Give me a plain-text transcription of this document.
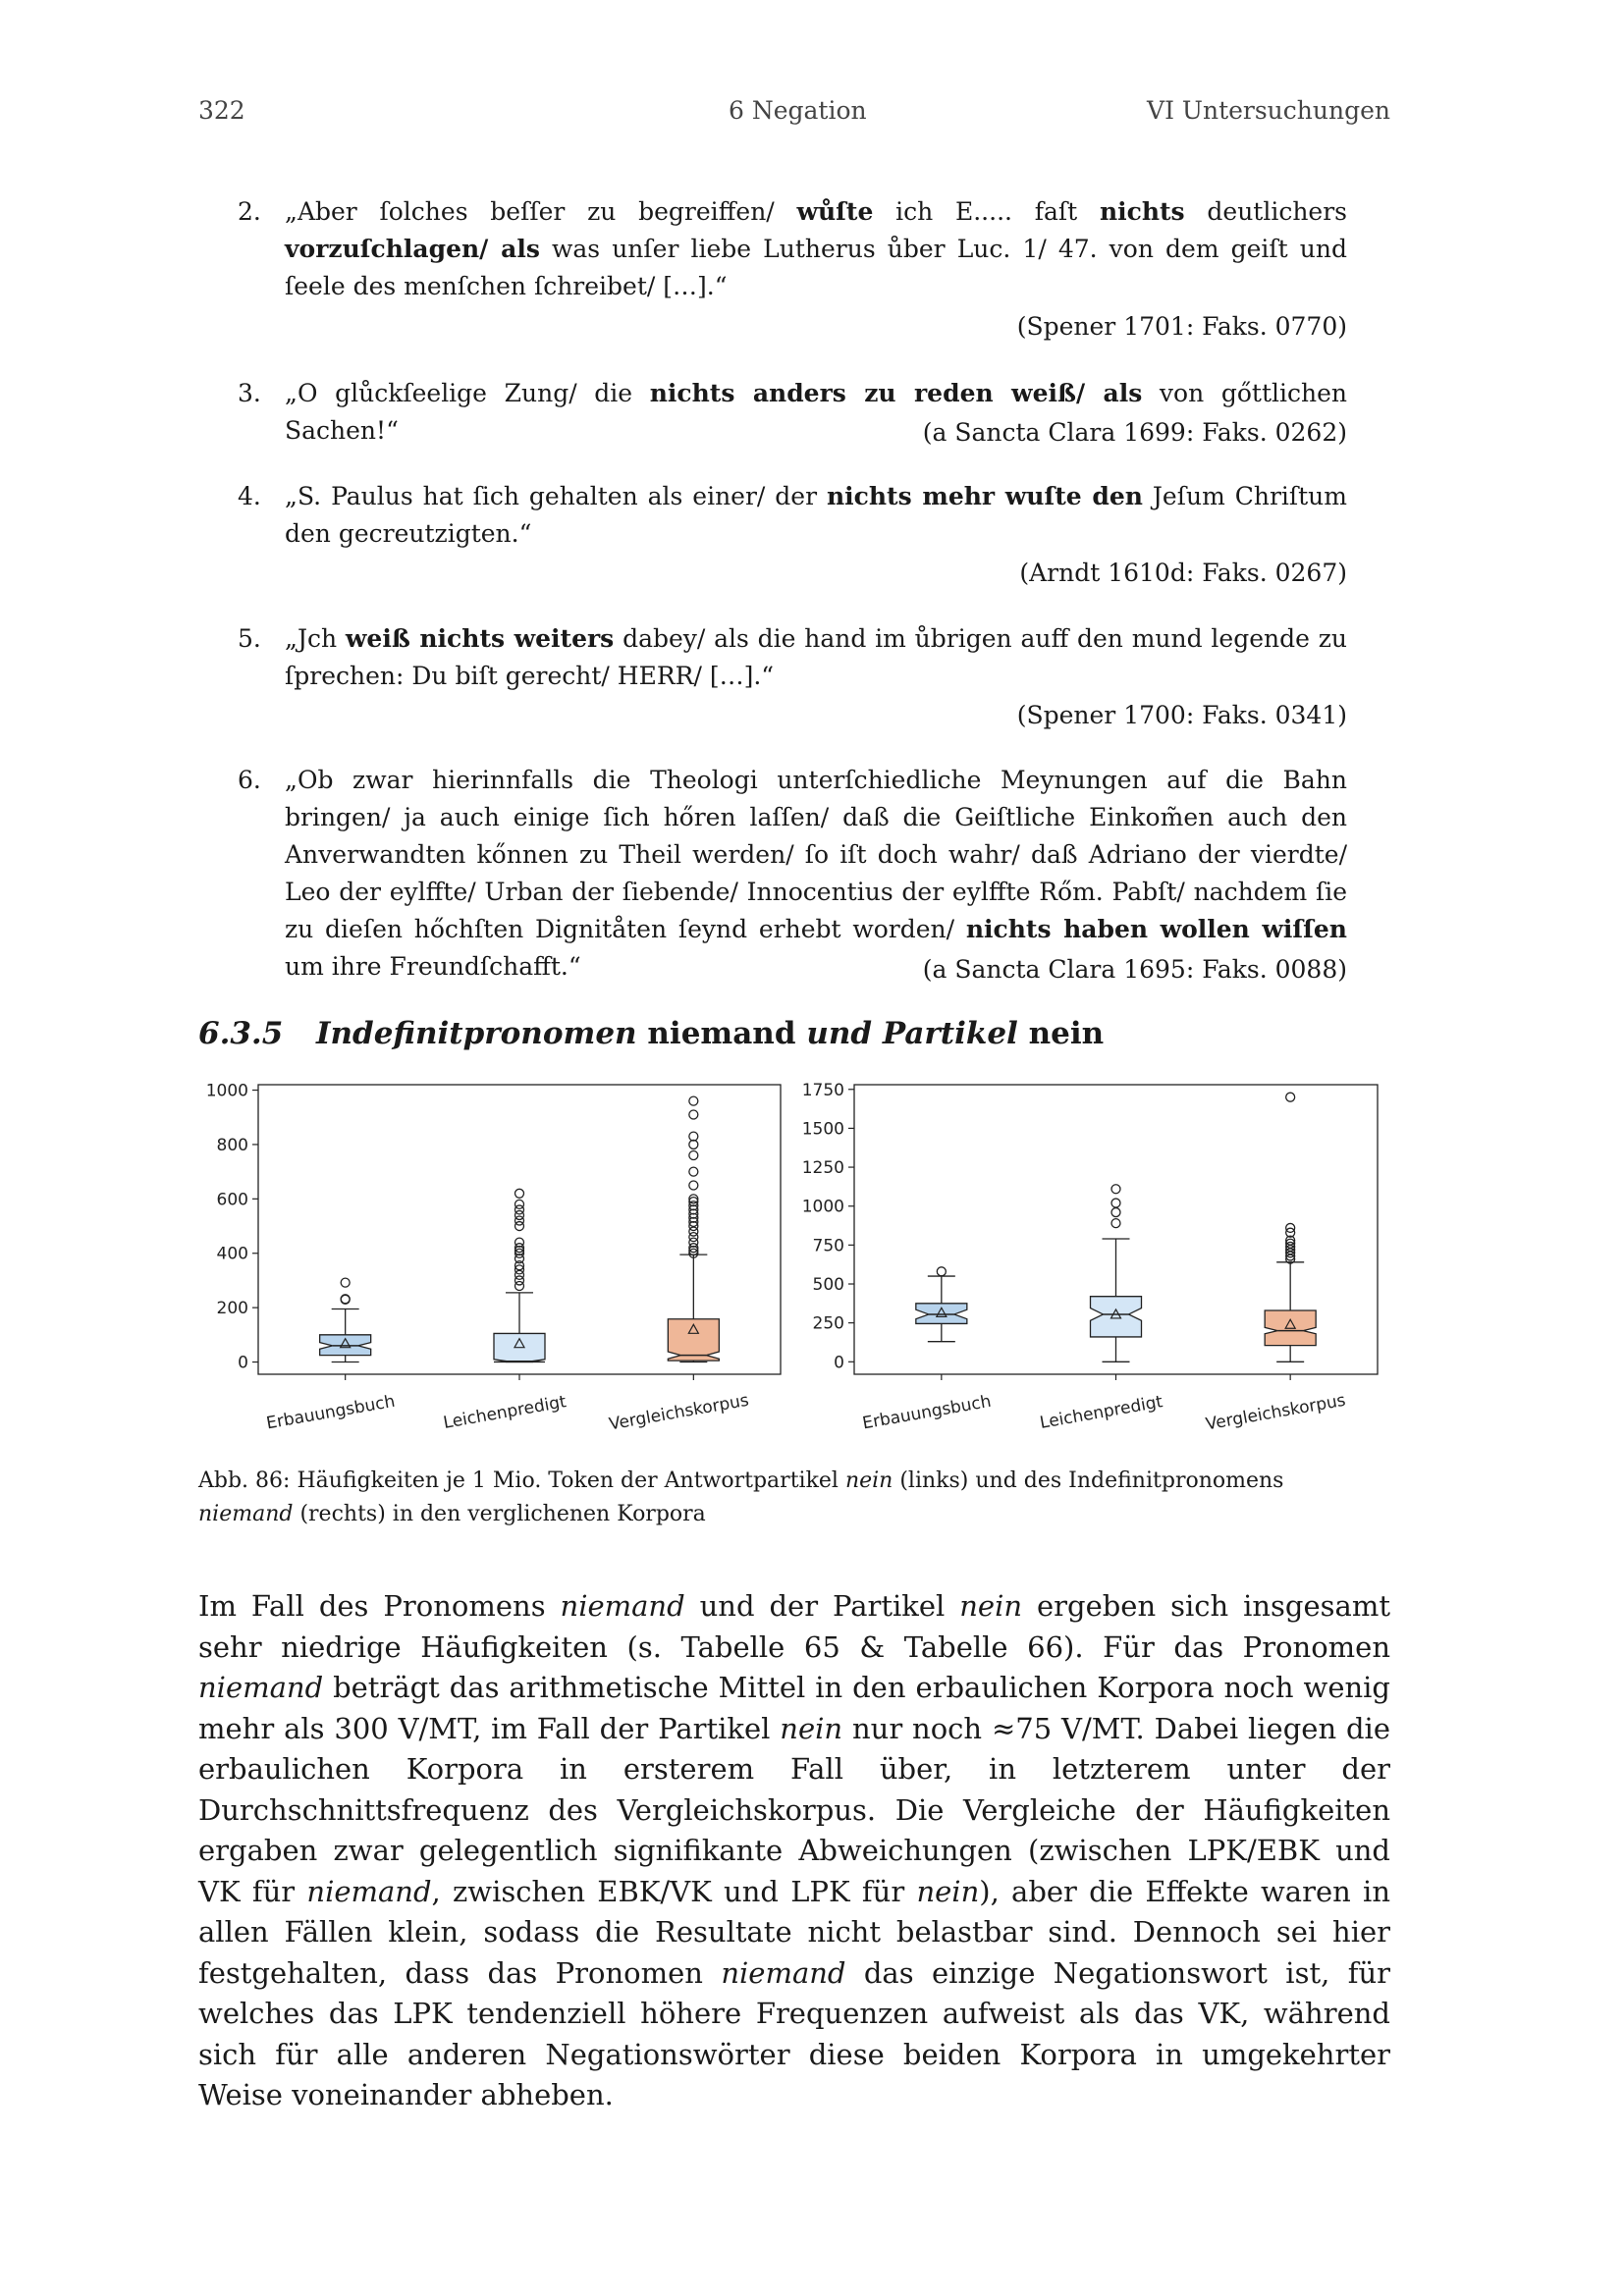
322	6 Negation	VI Untersuchungen
2. „Aber ſolches beſſer zu begreiffen/ wůſte ich E..... faſt nichts deutlichers vorzuſchlagen/ als was unſer liebe Lutherus ůber Luc. 1/ 47. von dem geiſt und ſeele des menſchen ſchreibet/ […].“
(Spener 1701: Faks. 0770)
3. „O glůckſeelige Zung/ die nichts anders zu reden weiß/ als von gőttlichen Sachen!“	(a Sancta Clara 1699: Faks. 0262)
4. „S. Paulus hat ſich gehalten als einer/ der nichts mehr wuſte den Jeſum Chriſtum den gecreutzigten.“
(Arndt 1610d: Faks. 0267)
5. „Jch weiß nichts weiters dabey/ als die hand im ůbrigen auff den mund legende zu ſprechen: Du biſt gerecht/ HERR/ […].“
(Spener 1700: Faks. 0341)
6. „Ob zwar hierinnfalls die Theologi unterſchiedliche Meynungen auf die Bahn bringen/ ja auch einige ſich hőren laſſen/ daß die Geiſtliche Einkom̃en auch den Anverwandten kőnnen zu Theil werden/ ſo iſt doch wahr/ daß Adriano der vierdte/ Leo der eylffte/ Urban der ſiebende/ Innocentius der eylffte Rőm. Pabſt/ nachdem ſie zu dieſen hőchſten Dignitåten ſeynd erhebt worden/ nichts haben wollen wiſſen um ihre Freundſchafft.“	(a Sancta Clara 1695: Faks. 0088)
6.3.5 Indefinitpronomen niemand und Partikel nein
0
200
400
600
800
1000
Erbauungsbuch	Leichenpredigt Vergleichskorpus
0
250
500
750
1000
1250
1500
1750
Erbauungsbuch	Leichenpredigt Vergleichskorpus
Abb. 86: Häufigkeiten je 1 Mio. Token der Antwortpartikel nein (links) und des Indefinitpronomens niemand (rechts) in den verglichenen Korpora
Im Fall des Pronomens niemand und der Partikel nein ergeben sich insgesamt sehr niedrige Häufigkeiten (s. Tabelle 65 & Tabelle 66). Für das Pronomen niemand beträgt das arithmetische Mittel in den erbaulichen Korpora noch wenig mehr als 300 V/MT, im Fall der Partikel nein nur noch ≈75 V/MT. Dabei liegen die erbaulichen Korpora in ersterem Fall über, in letzterem unter der Durchschnittsfrequenz des Vergleichskorpus. Die Vergleiche der Häufigkeiten ergaben zwar gelegentlich signifikante Abweichungen (zwischen LPK/EBK und VK für niemand, zwischen EBK/VK und LPK für nein), aber die Effekte waren in allen Fällen klein, sodass die Resultate nicht belastbar sind. Dennoch sei hier festgehalten, dass das Pronomen niemand das einzige Negationswort ist, für welches das LPK tendenziell höhere Frequenzen aufweist als das VK, während sich für alle anderen Negationswörter diese beiden Korpora in umgekehrter Weise voneinander abheben.
